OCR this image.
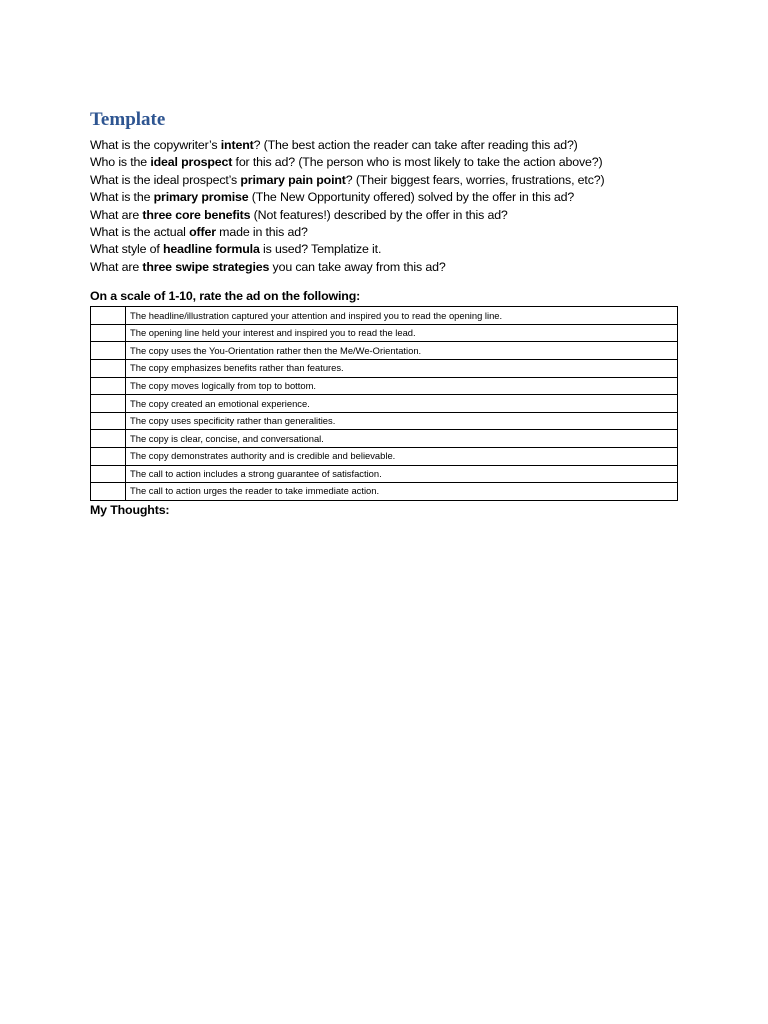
Template
What is the copywriter’s intent? (The best action the reader can take after reading this ad?)
Who is the ideal prospect for this ad? (The person who is most likely to take the action above?)
What is the ideal prospect’s primary pain point? (Their biggest fears, worries, frustrations, etc?)
What is the primary promise (The New Opportunity offered) solved by the offer in this ad?
What are three core benefits (Not features!) described by the offer in this ad?
What is the actual offer made in this ad?
What style of headline formula is used? Templatize it.
What are three swipe strategies you can take away from this ad?
On a scale of 1-10, rate the ad on the following:
	The headline/illustration captured your attention and inspired you to read the opening line.
	The opening line held your interest and inspired you to read the lead.
	The copy uses the You-Orientation rather then the Me/We-Orientation.
	The copy emphasizes benefits rather than features.
	The copy moves logically from top to bottom.
	The copy created an emotional experience.
	The copy uses specificity rather than generalities.
	The copy is clear, concise, and conversational.
	The copy demonstrates authority and is credible and believable.
	The call to action includes a strong guarantee of satisfaction.
	The call to action urges the reader to take immediate action.
My Thoughts:
